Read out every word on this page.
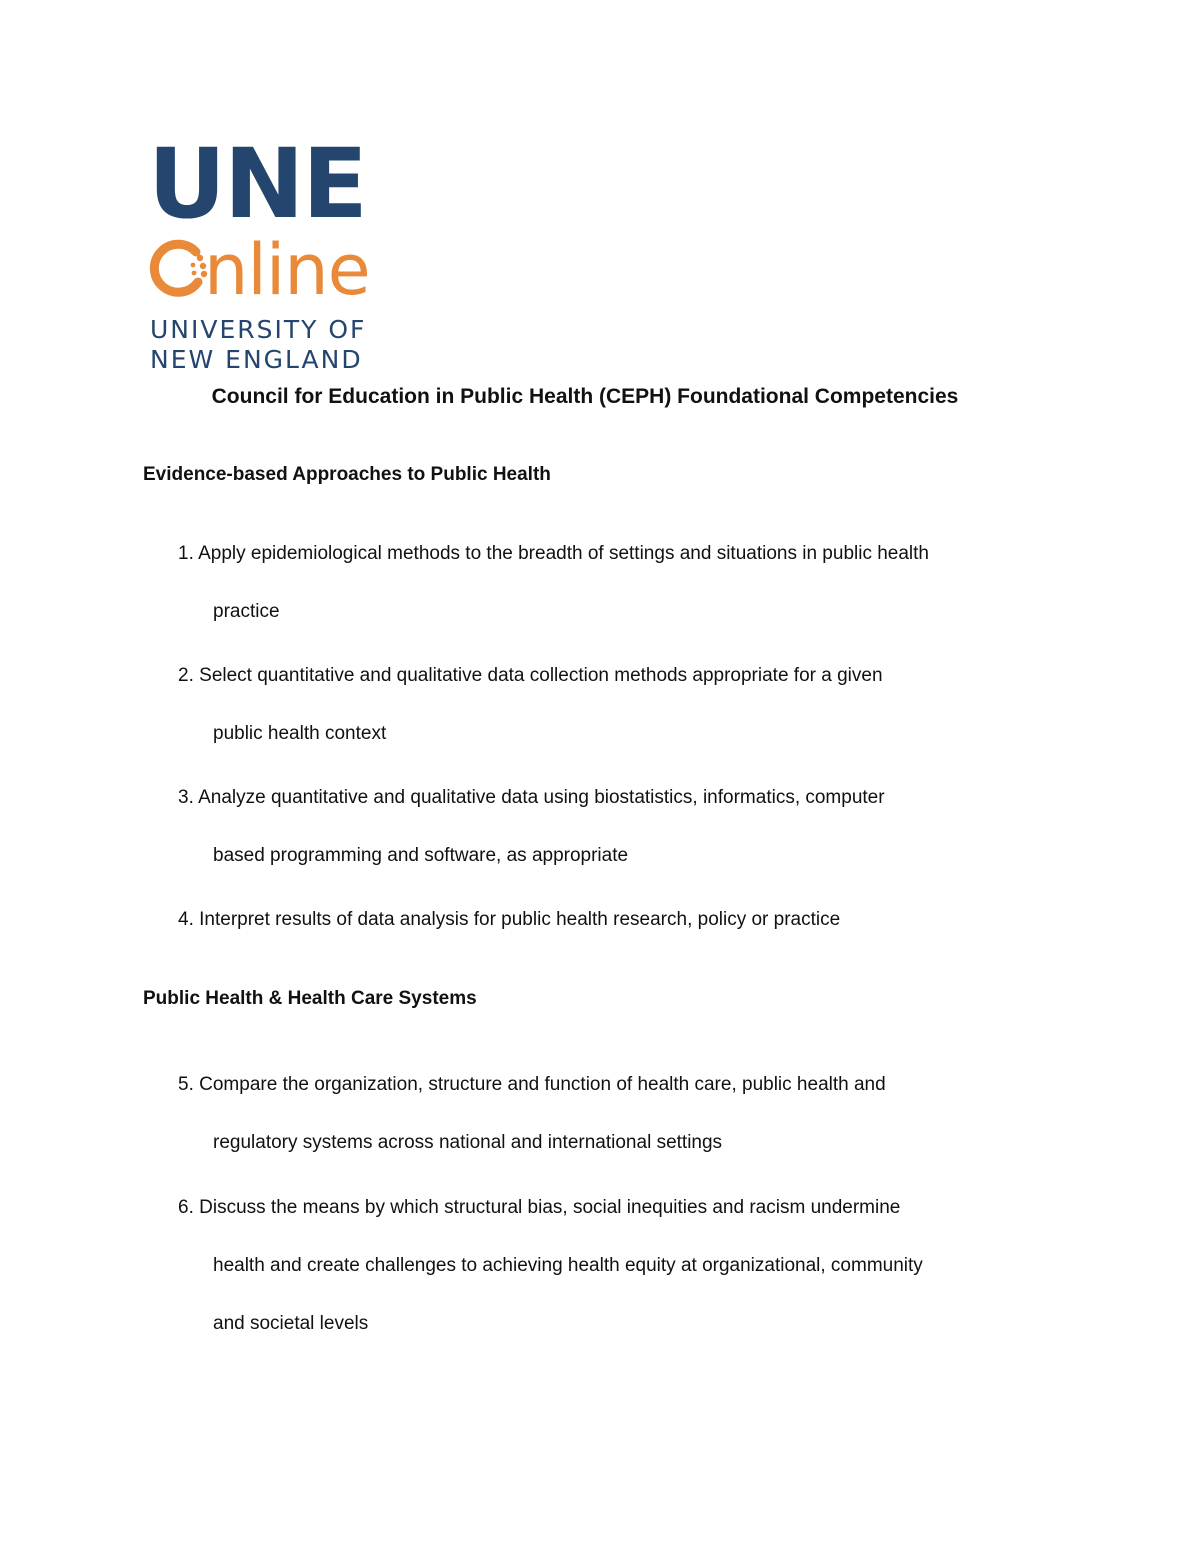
UNE
nline
UNIVERSITY OF
NEW ENGLAND
Council for Education in Public Health (CEPH) Foundational Competencies
Evidence-based Approaches to Public Health
1. Apply epidemiological methods to the breadth of settings and situations in public health
practice
2. Select quantitative and qualitative data collection methods appropriate for a given
public health context
3. Analyze quantitative and qualitative data using biostatistics, informatics, computer
based programming and software, as appropriate
4. Interpret results of data analysis for public health research, policy or practice
Public Health & Health Care Systems
5. Compare the organization, structure and function of health care, public health and
regulatory systems across national and international settings
6. Discuss the means by which structural bias, social inequities and racism undermine
health and create challenges to achieving health equity at organizational, community
and societal levels
